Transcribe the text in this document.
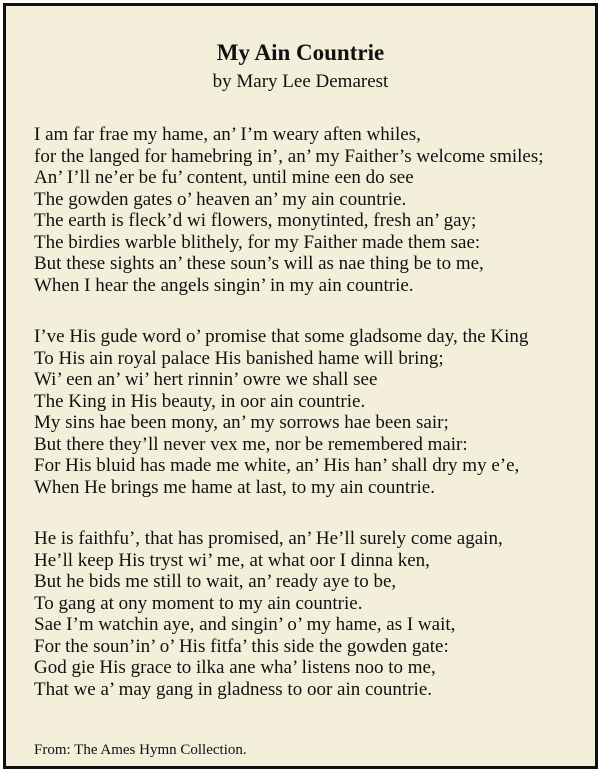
My Ain Countrie

by Mary Lee Demarest

I am far frae my hame, an’ I’m weary aften whiles,
for the langed for hamebring in’, an’ my Faither’s welcome smiles;
An’ I’ll ne’er be fu’ content, until mine een do see
The gowden gates o’ heaven an’ my ain countrie.
The earth is fleck’d wi flowers, monytinted, fresh an’ gay;
The birdies warble blithely, for my Faither made them sae:
But these sights an’ these soun’s will as nae thing be to me,
When I hear the angels singin’ in my ain countrie.
I’ve His gude word o’ promise that some gladsome day, the King
To His ain royal palace His banished hame will bring;
Wi’ een an’ wi’ hert rinnin’ owre we shall see
The King in His beauty, in oor ain countrie.
My sins hae been mony, an’ my sorrows hae been sair;
But there they’ll never vex me, nor be remembered mair:
For His bluid has made me white, an’ His han’ shall dry my e’e,
When He brings me hame at last, to my ain countrie.
He is faithfu’, that has promised, an’ He’ll surely come again,
He’ll keep His tryst wi’ me, at what oor I dinna ken,
But he bids me still to wait, an’ ready aye to be,
To gang at ony moment to my ain countrie.
Sae I’m watchin aye, and singin’ o’ my hame, as I wait,
For the soun’in’ o’ His fitfa’ this side the gowden gate:
God gie His grace to ilka ane wha’ listens noo to me,
That we a’ may gang in gladness to oor ain countrie.

From: The Ames Hymn Collection.
